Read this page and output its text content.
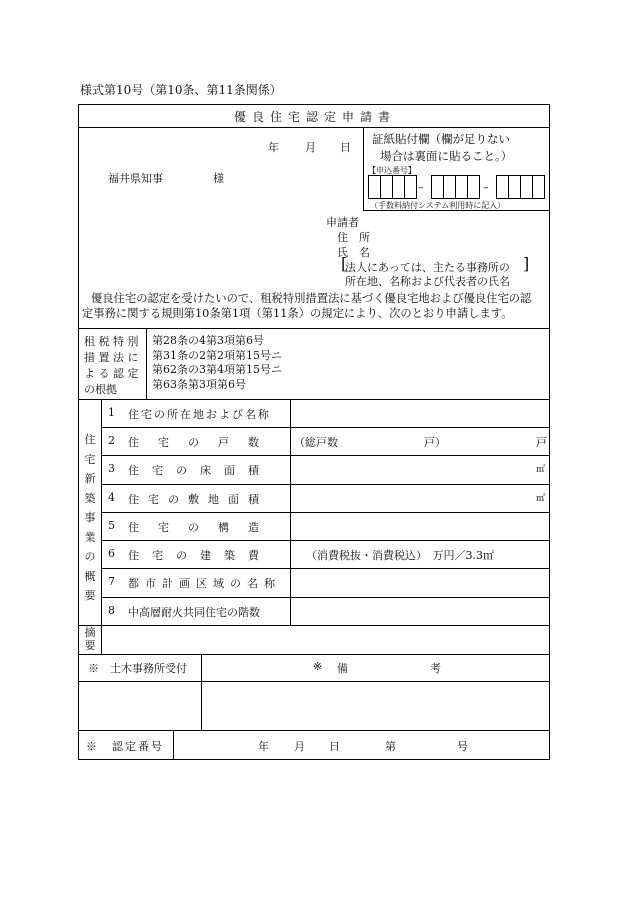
様式第10号（第10条、第11条関係）
優良住宅認定申請書
年 月 日
福井県知事	様
証紙貼付欄（欄が足りない
場合は裏面に貼ること。）
【申込番号】
–	–
（手数料納付システム利用時に記入）
申請者
住　所
氏　名
[
法人にあっては、主たる事務所の
所在地、名称および代表者の氏名
]
優良住宅の認定を受けたいので、租税特別措置法に基づく優良宅地および優良住宅の認
定事務に関する規則第10条第1項（第11条）の規定により、次のとおり申請します。
租 税 特 別
措 置 法 に
よ る 認 定
の根拠
第28条の4第3項第6号
第31条の2第2項第15号ニ
第62条の3第4項第15号ニ
第63条第3項第6号
住宅新築事業の概要
1 住宅の所在地および名称
2 住宅の戸数 （総戸数	戸）	戸
3 住宅の床面積	㎡
4 住宅の敷地面積	㎡
5 住宅の構造
6 住宅の建築費	（消費税抜・消費税込）　万円／3.3㎡
7 都市計画区域の名称
8 中高層耐火共同住宅の階数
摘要
※　土木事務所受付	※ 備	考
※　認定番号	年 月 日	第	号
